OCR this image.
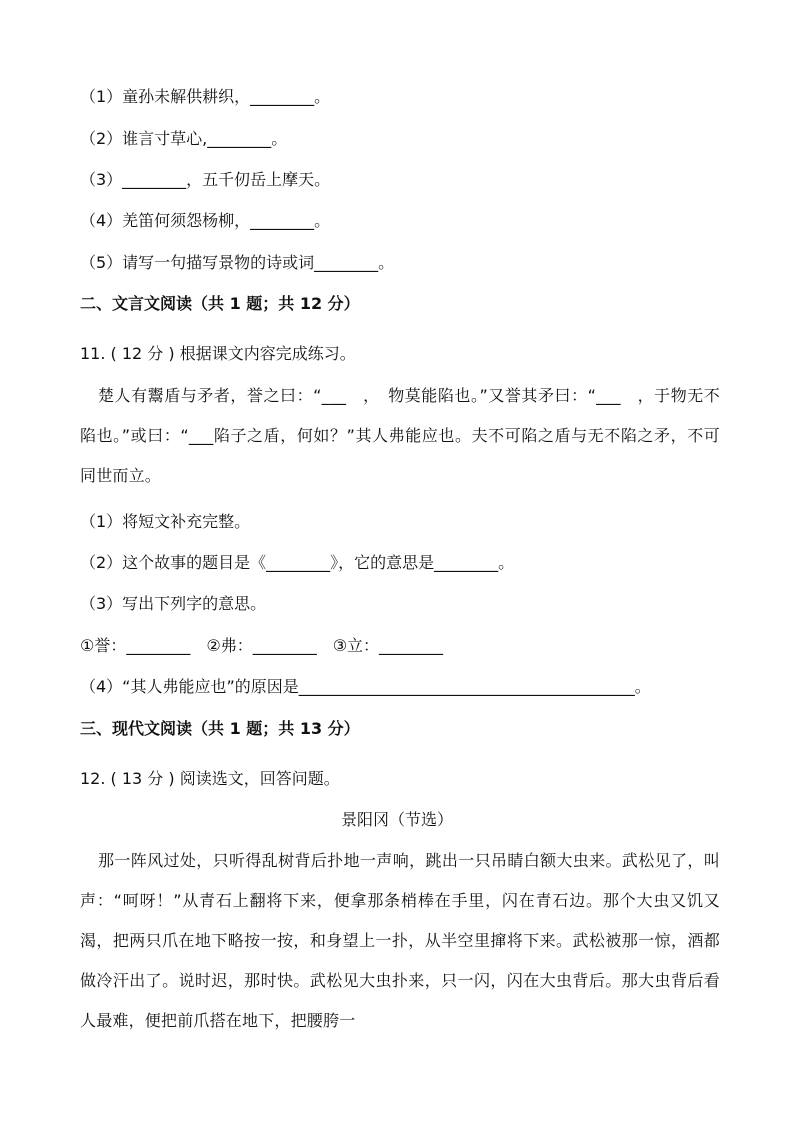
（1）童孙未解供耕织，________。
（2）谁言寸草心,________。
（3）________，五千仞岳上摩天。
（4）羌笛何须怨杨柳，________。
（5）请写一句描写景物的诗或词________。
二、文言文阅读（共 1 题；共 12 分）
11. ( 12 分 ) 根据课文内容完成练习。
楚人有鬻盾与矛者，誉之曰：“___　，　物莫能陷也。”又誉其矛曰：“___　，于物无不陷也。”或曰：“___陷子之盾，何如？”其人弗能应也。夫不可陷之盾与无不陷之矛，不可同世而立。
（1）将短文补充完整。
（2）这个故事的题目是《________》，它的意思是________。
（3）写出下列字的意思。
①誉：________　②弗：________　③立：________
（4）“其人弗能应也”的原因是__________________________________________。
三、现代文阅读（共 1 题；共 13 分）
12. ( 13 分 ) 阅读选文，回答问题。
景阳冈（节选）
那一阵风过处，只听得乱树背后扑地一声响，跳出一只吊睛白额大虫来。武松见了，叫声：“呵呀！”从青石上翻将下来，便拿那条梢棒在手里，闪在青石边。那个大虫又饥又渴，把两只爪在地下略按一按，和身望上一扑，从半空里撺将下来。武松被那一惊，酒都做冷汗出了。说时迟，那时快。武松见大虫扑来，只一闪，闪在大虫背后。那大虫背后看人最难，便把前爪搭在地下，把腰胯一
